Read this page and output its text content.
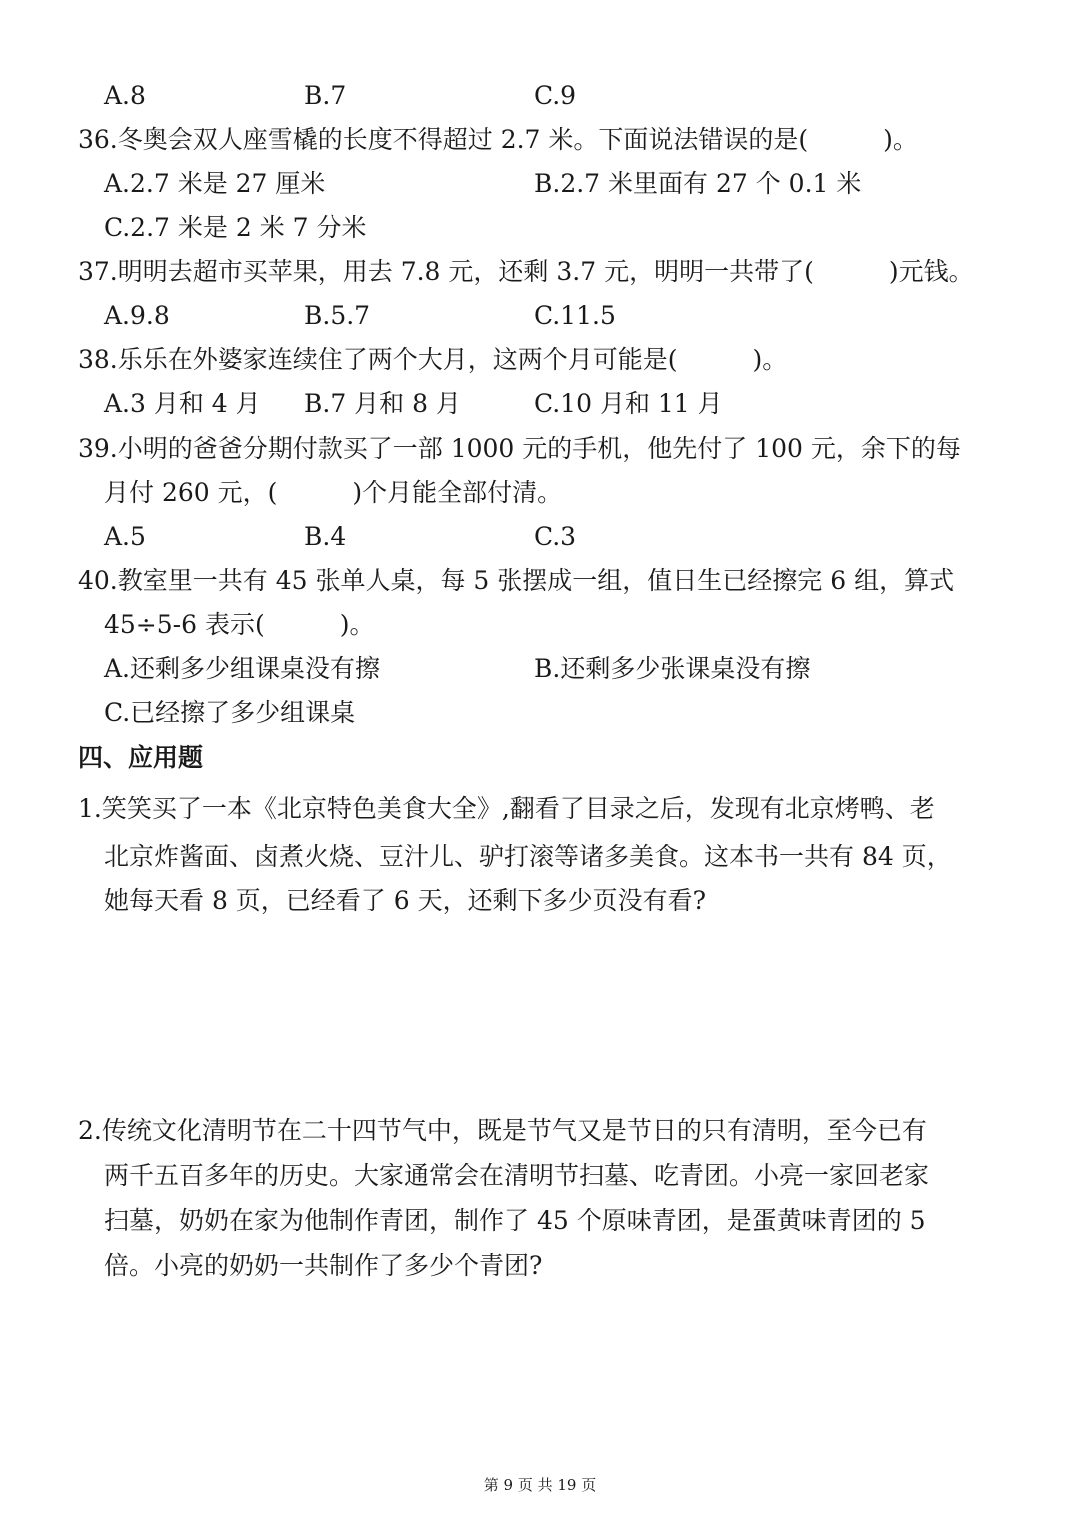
A.8	B.7	C.9
36.冬奥会双人座雪橇的长度不得超过 2.7 米。下面说法错误的是(　　　)。
A.2.7 米是 27 厘米	B.2.7 米里面有 27 个 0.1 米
C.2.7 米是 2 米 7 分米
37.明明去超市买苹果，用去 7.8 元，还剩 3.7 元，明明一共带了(　　　)元钱。
A.9.8	B.5.7	C.11.5
38.乐乐在外婆家连续住了两个大月，这两个月可能是(　　　)。
A.3 月和 4 月 B.7 月和 8 月	C.10 月和 11 月
39.小明的爸爸分期付款买了一部 1000 元的手机，他先付了 100 元，余下的每
月付 260 元，(　　　)个月能全部付清。
A.5	B.4	C.3
40.教室里一共有 45 张单人桌，每 5 张摆成一组，值日生已经擦完 6 组，算式
45÷5-6 表示(　　　)。
A.还剩多少组课桌没有擦	B.还剩多少张课桌没有擦
C.已经擦了多少组课桌
四、应用题
1.笑笑买了一本《北京特色美食大全》,翻看了目录之后，发现有北京烤鸭、老
北京炸酱面、卤煮火烧、豆汁儿、驴打滚等诸多美食。这本书一共有 84 页，
她每天看 8 页，已经看了 6 天，还剩下多少页没有看?
2.传统文化清明节在二十四节气中，既是节气又是节日的只有清明，至今已有
两千五百多年的历史。大家通常会在清明节扫墓、吃青团。小亮一家回老家
扫墓，奶奶在家为他制作青团，制作了 45 个原味青团，是蛋黄味青团的 5
倍。小亮的奶奶一共制作了多少个青团?
第 9 页 共 19 页
